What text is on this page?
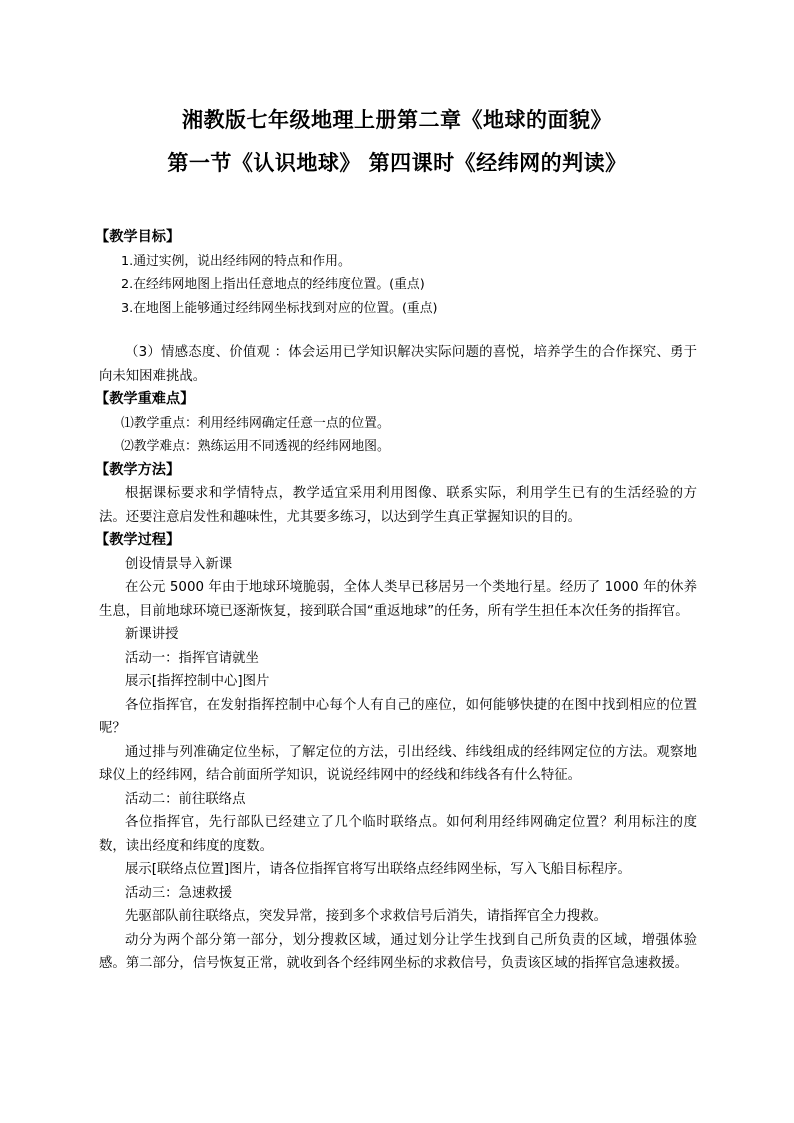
湘教版七年级地理上册第二章《地球的面貌》
第一节《认识地球》 第四课时《经纬网的判读》

【教学目标】

1.通过实例，说出经纬网的特点和作用。

2.在经纬网地图上指出任意地点的经纬度位置。(重点)

3.在地图上能够通过经纬网坐标找到对应的位置。(重点)

（3）情感态度、价值观 ：体会运用已学知识解决实际问题的喜悦，培养学生的合作探究、勇于向未知困难挑战。

【教学重难点】

⑴教学重点：利用经纬网确定任意一点的位置。

⑵教学难点：熟练运用不同透视的经纬网地图。

【教学方法】

根据课标要求和学情特点，教学适宜采用利用图像、联系实际，利用学生已有的生活经验的方法。还要注意启发性和趣味性，尤其要多练习，以达到学生真正掌握知识的目的。

【教学过程】

创设情景导入新课

在公元 5000 年由于地球环境脆弱，全体人类早已移居另一个类地行星。经历了 1000 年的休养生息，目前地球环境已逐渐恢复，接到联合国“重返地球”的任务，所有学生担任本次任务的指挥官。

新课讲授

活动一：指挥官请就坐

展示[指挥控制中心]图片

各位指挥官，在发射指挥控制中心每个人有自己的座位，如何能够快捷的在图中找到相应的位置呢？

通过排与列准确定位坐标，了解定位的方法，引出经线、纬线组成的经纬网定位的方法。观察地球仪上的经纬网，结合前面所学知识，说说经纬网中的经线和纬线各有什么特征。

活动二：前往联络点

各位指挥官，先行部队已经建立了几个临时联络点。如何利用经纬网确定位置？利用标注的度数，读出经度和纬度的度数。

展示[联络点位置]图片，请各位指挥官将写出联络点经纬网坐标，写入飞船目标程序。

活动三：急速救援

先驱部队前往联络点，突发异常，接到多个求救信号后消失，请指挥官全力搜救。

动分为两个部分第一部分，划分搜救区域，通过划分让学生找到自己所负责的区域，增强体验感。第二部分，信号恢复正常，就收到各个经纬网坐标的求救信号，负责该区域的指挥官急速救援。
